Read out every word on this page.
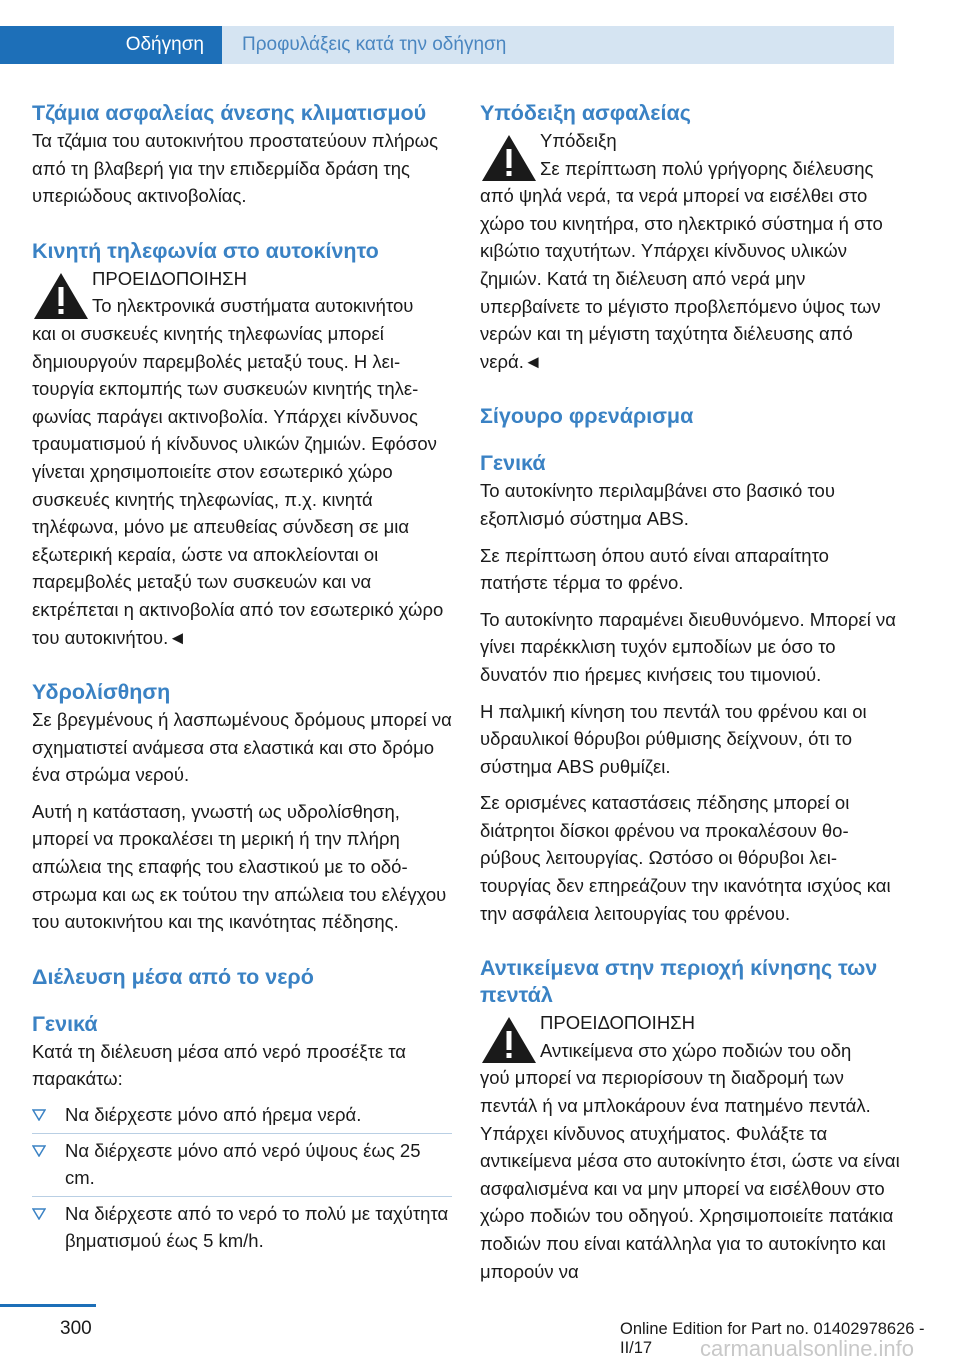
Οδήγηση	Προφυλάξεις κατά την οδήγηση
Τζάμια ασφαλείας άνεσης κλιματισμού
Τα τζάμια του αυτοκινήτου προστατεύουν πλήρως από τη βλαβερή για την επιδερμίδα δράση της υπεριώδους ακτινοβολίας.
Κινητή τηλεφωνία στο αυτοκίνητο
ΠΡΟΕΙΔΟΠΟΙΗΣΗ
Το ηλεκτρονικά συστήματα αυτοκινήτου
και οι συσκευές κινητής τηλεφωνίας μπορεί δημιουργούν παρεμβολές μεταξύ τους. Η λειτουργία εκπομπής των συσκευών κινητής τηλεφωνίας παράγει ακτινοβολία. Υπάρχει κίνδυνος τραυματισμού ή κίνδυνος υλικών ζημιών. Εφόσον γίνεται χρησιμοποιείτε στον εσωτερικό χώρο συσκευές κινητής τηλεφωνίας, π.χ. κινητά τηλέφωνα, μόνο με απευθείας σύνδεση σε μια εξωτερική κεραία, ώστε να αποκλείονται οι παρεμβολές μεταξύ των συσκευών και να εκτρέπεται η ακτινοβολία από τον εσωτερικό χώρο του αυτοκινήτου.◄
Υδρολίσθηση
Σε βρεγμένους ή λασπωμένους δρόμους μπορεί να σχηματιστεί ανάμεσα στα ελαστικά και στο δρόμο ένα στρώμα νερού.
Αυτή η κατάσταση, γνωστή ως υδρολίσθηση, μπορεί να προκαλέσει τη μερική ή την πλήρη απώλεια της επαφής του ελαστικού με το οδόστρωμα και ως εκ τούτου την απώλεια του ελέγχου του αυτοκινήτου και της ικανότητας πέδησης.
Διέλευση μέσα από το νερό
Γενικά
Κατά τη διέλευση μέσα από νερό προσέξτε τα παρακάτω:
Να διέρχεστε μόνο από ήρεμα νερά.
Να διέρχεστε μόνο από νερό ύψους έως 25 cm.
Να διέρχεστε από το νερό το πολύ με ταχύτητα βηματισμού έως 5 km/h.
Υπόδειξη ασφαλείας
Υπόδειξη
Σε περίπτωση πολύ γρήγορης διέλευσης
από ψηλά νερά, τα νερά μπορεί να εισέλθει στο χώρο του κινητήρα, στο ηλεκτρικό σύστημα ή στο κιβώτιο ταχυτήτων. Υπάρχει κίνδυνος υλικών ζημιών. Κατά τη διέλευση από νερά μην υπερβαίνετε το μέγιστο προβλεπόμενο ύψος των νερών και τη μέγιστη ταχύτητα διέλευσης από νερά.◄
Σίγουρο φρενάρισμα
Γενικά
Το αυτοκίνητο περιλαμβάνει στο βασικό του εξοπλισμό σύστημα ABS.
Σε περίπτωση όπου αυτό είναι απαραίτητο πατήστε τέρμα το φρένο.
Το αυτοκίνητο παραμένει διευθυνόμενο. Μπορεί να γίνει παρέκκλιση τυχόν εμποδίων με όσο το δυνατόν πιο ήρεμες κινήσεις του τιμονιού.
Η παλμική κίνηση του πεντάλ του φρένου και οι υδραυλικοί θόρυβοι ρύθμισης δείχνουν, ότι το σύστημα ABS ρυθμίζει.
Σε ορισμένες καταστάσεις πέδησης μπορεί οι διάτρητοι δίσκοι φρένου να προκαλέσουν θορύβους λειτουργίας. Ωστόσο οι θόρυβοι λειτουργίας δεν επηρεάζουν την ικανότητα ισχύος και την ασφάλεια λειτουργίας του φρένου.
Αντικείμενα στην περιοχή κίνησης των πεντάλ
ΠΡΟΕΙΔΟΠΟΙΗΣΗ
Αντικείμενα στο χώρο ποδιών του οδη
γού μπορεί να περιορίσουν τη διαδρομή των πεντάλ ή να μπλοκάρουν ένα πατημένο πεντάλ. Υπάρχει κίνδυνος ατυχήματος. Φυλάξτε τα αντικείμενα μέσα στο αυτοκίνητο έτσι, ώστε να είναι ασφαλισμένα και να μην μπορεί να εισέλθουν στο χώρο ποδιών του οδηγού. Χρησιμοποιείτε πατάκια ποδιών που είναι κατάλληλα για το αυτοκίνητο και μπορούν να
300	Online Edition for Part no. 01402978626 - II/17	carmanualsonline.info
